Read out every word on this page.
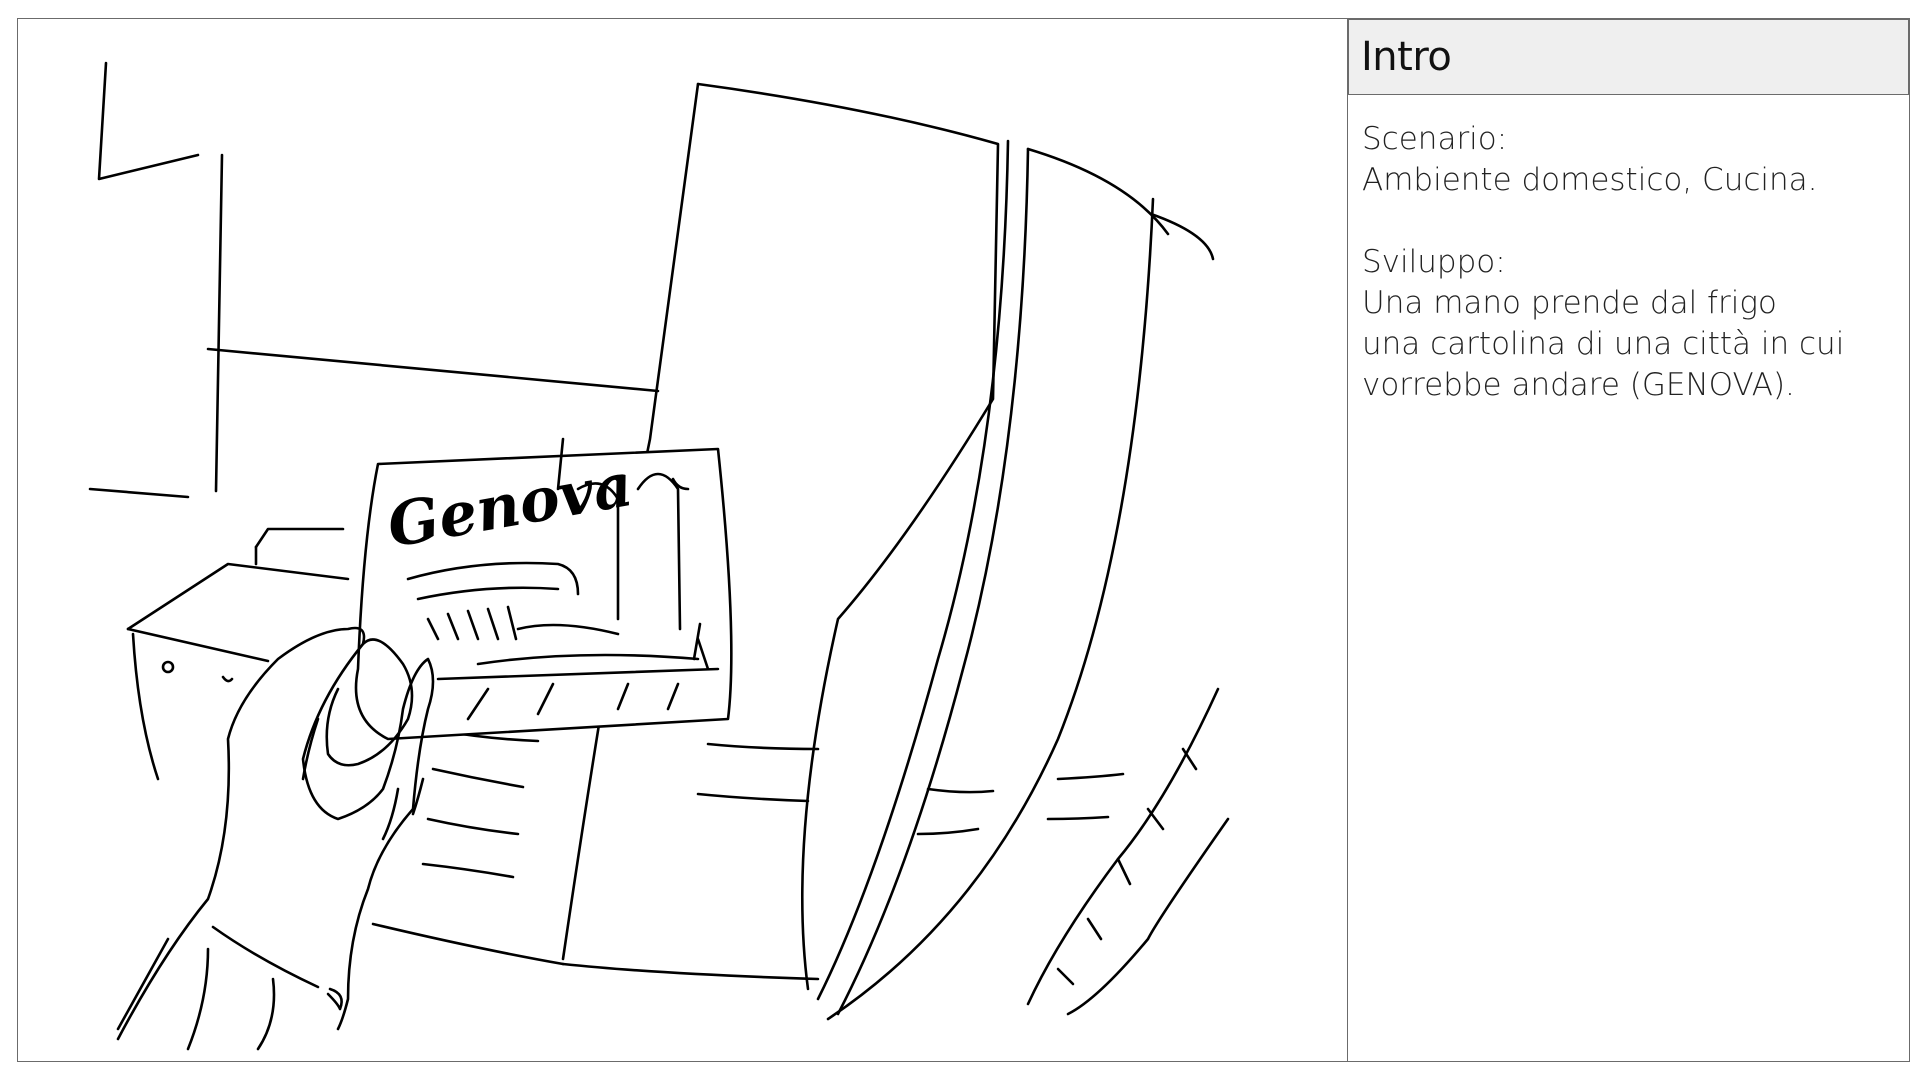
Genova
Intro
Scenario:
Ambiente domestico, Cucina.
Sviluppo:
Una mano prende dal frigo
una cartolina di una città in cui
vorrebbe andare (GENOVA).
